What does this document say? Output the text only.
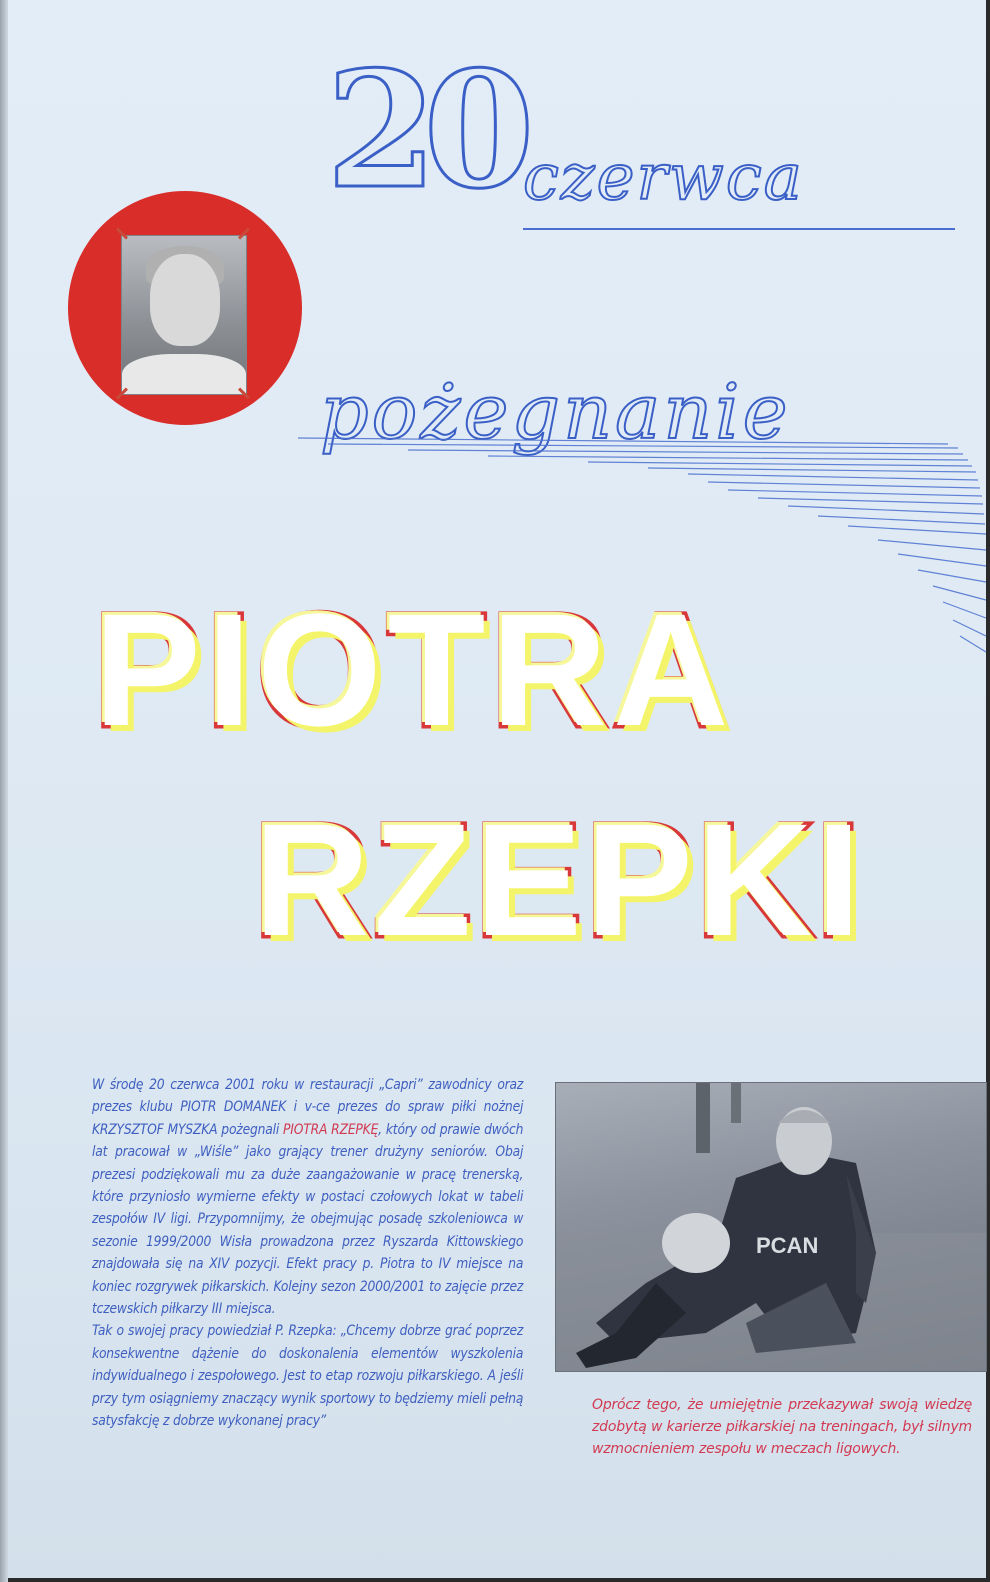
20 czerwca
pożegnanie
PIOTRA
RZEPKI
W środę 20 czerwca 2001 roku w restauracji „Capri” zawodnicy oraz prezes klubu PIOTR DOMANEK i v-ce prezes do spraw piłki nożnej KRZYSZTOF MYSZKA pożegnali PIOTRA RZEPKĘ, który od prawie dwóch lat pracował w „Wiśle” jako grający trener drużyny seniorów. Obaj prezesi podziękowali mu za duże zaangażowanie w pracę trenerską, które przyniosło wymierne efekty w postaci czołowych lokat w tabeli zespołów IV ligi. Przypomnijmy, że obejmując posadę szkoleniowca w sezonie 1999/2000 Wisła prowadzona przez Ryszarda Kittowskiego znajdowała się na XIV pozycji. Efekt pracy p. Piotra to IV miejsce na koniec rozgrywek piłkarskich. Kolejny sezon 2000/2001 to zajęcie przez tczewskich piłkarzy III miejsca.
Tak o swojej pracy powiedział P. Rzepka: „Chcemy dobrze grać poprzez konsekwentne dążenie do doskonalenia elementów wyszkolenia indywidualnego i zespołowego. Jest to etap rozwoju piłkarskiego. A jeśli przy tym osiągniemy znaczący wynik sportowy to będziemy mieli pełną satysfakcję z dobrze wykonanej pracy”
PCAN
Oprócz tego, że umiejętnie przekazywał swoją wiedzę zdobytą w karierze piłkarskiej na treningach, był silnym wzmocnieniem zespołu w meczach ligowych.
